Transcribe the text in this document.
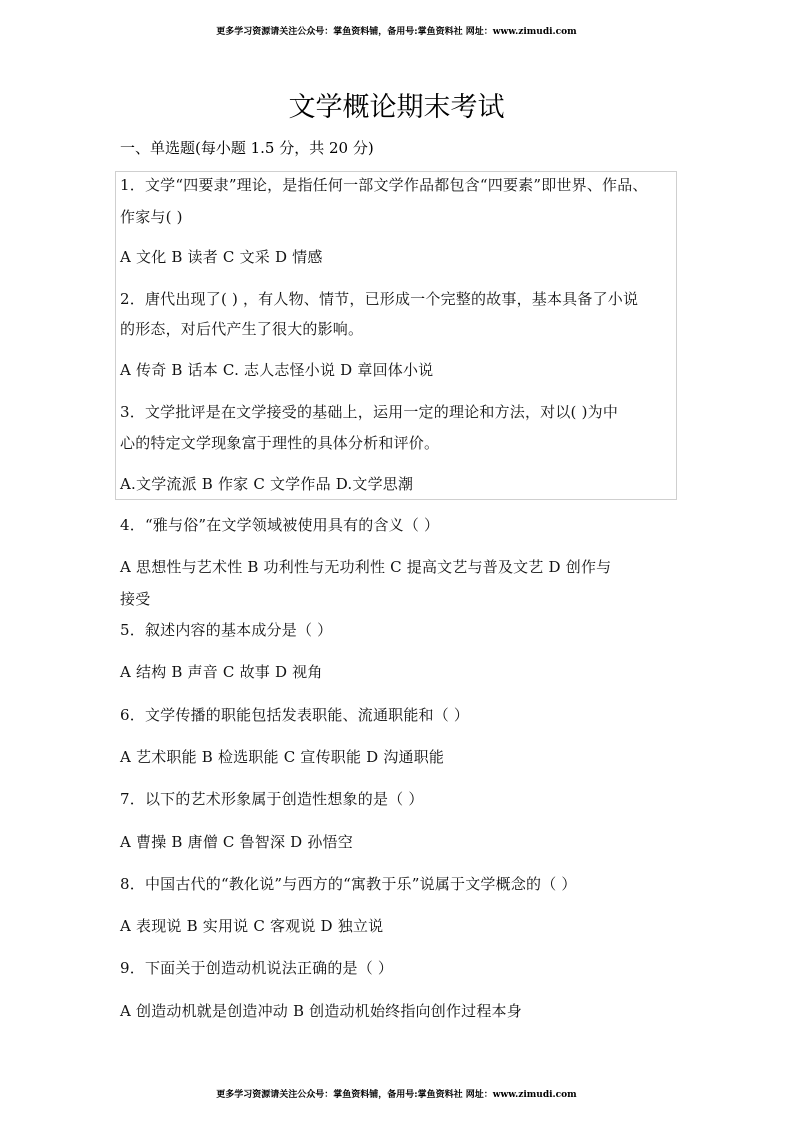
更多学习资源请关注公众号：掌鱼资料铺，备用号:掌鱼资料社 网址：www.zimudi.com
文学概论期末考试
一、单选题(每小题 1.5 分，共 20 分)
1．文学“四要隶”理论，是指任何一部文学作品都包含“四要素”即世界、作品、
作家与( )
A 文化 B 读者 C 文采 D 情感
2．唐代出现了( ) ，有人物、情节，已形成一个完整的故事，基本具备了小说
的形态，对后代产生了很大的影响。
A 传奇 B 话本 C. 志人志怪小说 D 章回体小说
3．文学批评是在文学接受的基础上，运用一定的理论和方法，对以( )为中
心的特定文学现象富于理性的具体分析和评价。
A.文学流派 B 作家 C 文学作品 D.文学思潮
4．“雅与俗”在文学领域被使用具有的含义（ ）
A 思想性与艺术性 B 功利性与无功利性 C 提高文艺与普及文艺 D 创作与
接受
5．叙述内容的基本成分是（ ）
A 结构 B 声音 C 故事 D 视角
6．文学传播的职能包括发表职能、流通职能和（ ）
A 艺术职能 B 检选职能 C 宣传职能 D 沟通职能
7．以下的艺术形象属于创造性想象的是（ ）
A 曹操 B 唐僧 C 鲁智深 D 孙悟空
8．中国古代的“教化说”与西方的“寓教于乐”说属于文学概念的（ ）
A 表现说 B 实用说 C 客观说 D 独立说
9．下面关于创造动机说法正确的是（ ）
A 创造动机就是创造冲动 B 创造动机始终指向创作过程本身
更多学习资源请关注公众号：掌鱼资料铺，备用号:掌鱼资料社 网址：www.zimudi.com
